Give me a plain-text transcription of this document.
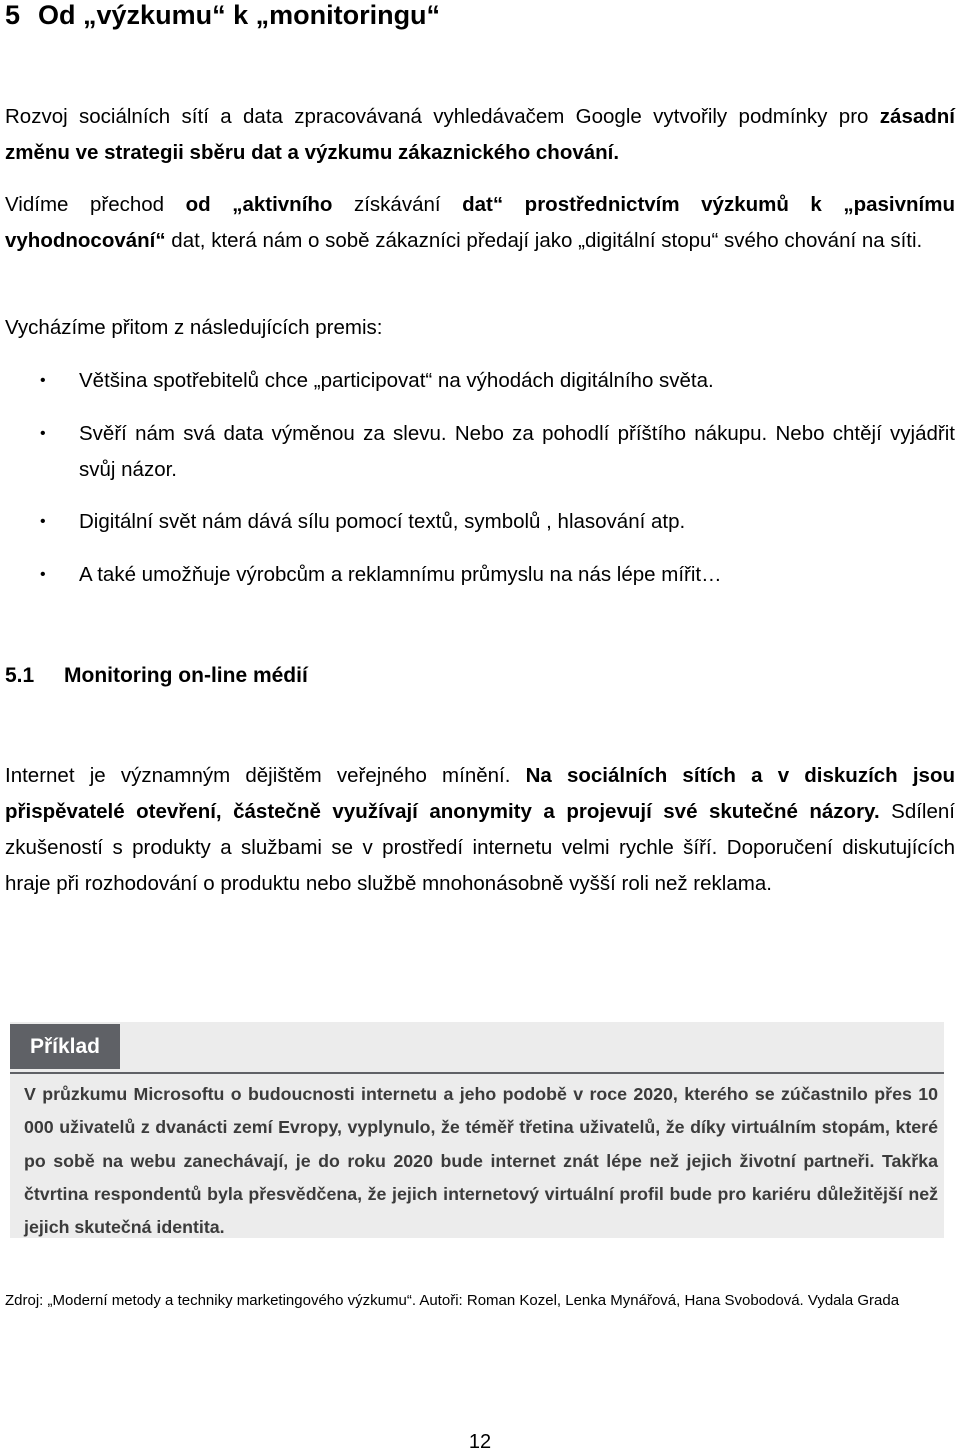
5 Od „výzkumu“ k „monitoringu“
Rozvoj sociálních sítí a data zpracovávaná vyhledávačem Google vytvořily podmínky pro zásadní změnu ve strategii sběru dat a výzkumu zákaznického chování.
Vidíme přechod od „aktivního získávání dat“ prostřednictvím výzkumů k „pasivnímu vyhodnocování“ dat, která nám o sobě zákazníci předají jako „digitální stopu“ svého chování na síti.
Vycházíme přitom z následujících premis:
• Většina spotřebitelů chce „participovat“ na výhodách digitálního světa.
• Svěří nám svá data výměnou za slevu. Nebo za pohodlí příštího nákupu. Nebo chtějí vyjádřit svůj názor.
• Digitální svět nám dává sílu pomocí textů, symbolů , hlasování atp.
• A také umožňuje výrobcům a reklamnímu průmyslu na nás lépe mířit…
5.1 Monitoring on-line médií
Internet je významným dějištěm veřejného mínění. Na sociálních sítích a v diskuzích jsou přispěvatelé otevření, částečně využívají anonymity a projevují své skutečné názory. Sdílení zkušeností s produkty a službami se v prostředí internetu velmi rychle šíří. Doporučení diskutujících hraje při rozhodování o produktu nebo službě mnohonásobně vyšší roli než reklama.
Příklad
V průzkumu Microsoftu o budoucnosti internetu a jeho podobě v roce 2020, kterého se zúčastnilo přes 10 000 uživatelů z dvanácti zemí Evropy, vyplynulo, že téměř třetina uživatelů, že díky virtuálním stopám, které po sobě na webu zanechávají, je do roku 2020 bude internet znát lépe než jejich životní partneři. Takřka čtvrtina respondentů byla přesvědčena, že jejich internetový virtuální profil bude pro kariéru důležitější než jejich skutečná identita.
Zdroj: „Moderní metody a techniky marketingového výzkumu“. Autoři: Roman Kozel, Lenka Mynářová, Hana Svobodová. Vydala Grada
12
